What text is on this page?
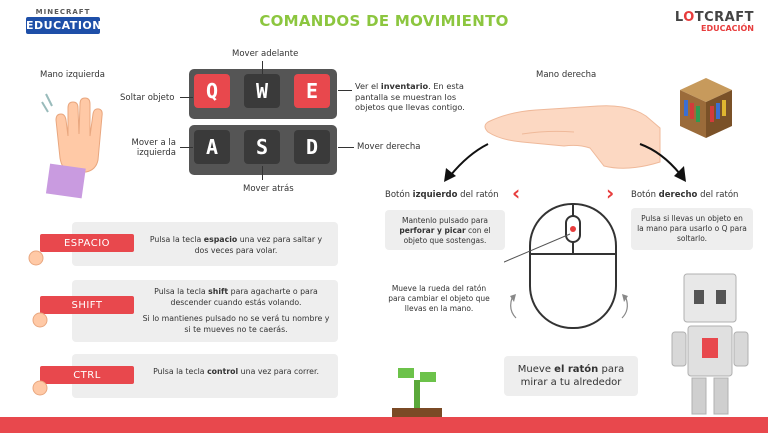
MINECRAFT
EDUCATION	COMANDOS DE MOVIMIENTO	LOTCRAFT
EDUCACIÓN
Mano izquierda
Q W E
A S D
Mover adelante
Soltar objeto
Ver el inventario. En esta pantalla se muestran los objetos que llevas contigo.
Mover a la izquierda
Mover derecha
Mover atrás
Mano derecha
Botón izquierdo del ratón ‹	› Botón derecho del ratón
Mantenlo pulsado para perforar y picar con el objeto que sostengas.
Pulsa si llevas un objeto en la mano para usarlo o Q para soltarlo.
Mueve la rueda del ratón para cambiar el objeto que llevas en la mano.
Mueve el ratón para mirar a tu alrededor
Pulsa la tecla espacio una vez para saltar y dos veces para volar.
ESPACIO
Pulsa la tecla shift para agacharte o para descender cuando estás volando.
Si lo mantienes pulsado no se verá tu nombre y si te mueves no te caerás.
SHIFT
Pulsa la tecla control una vez para correr.
CTRL
